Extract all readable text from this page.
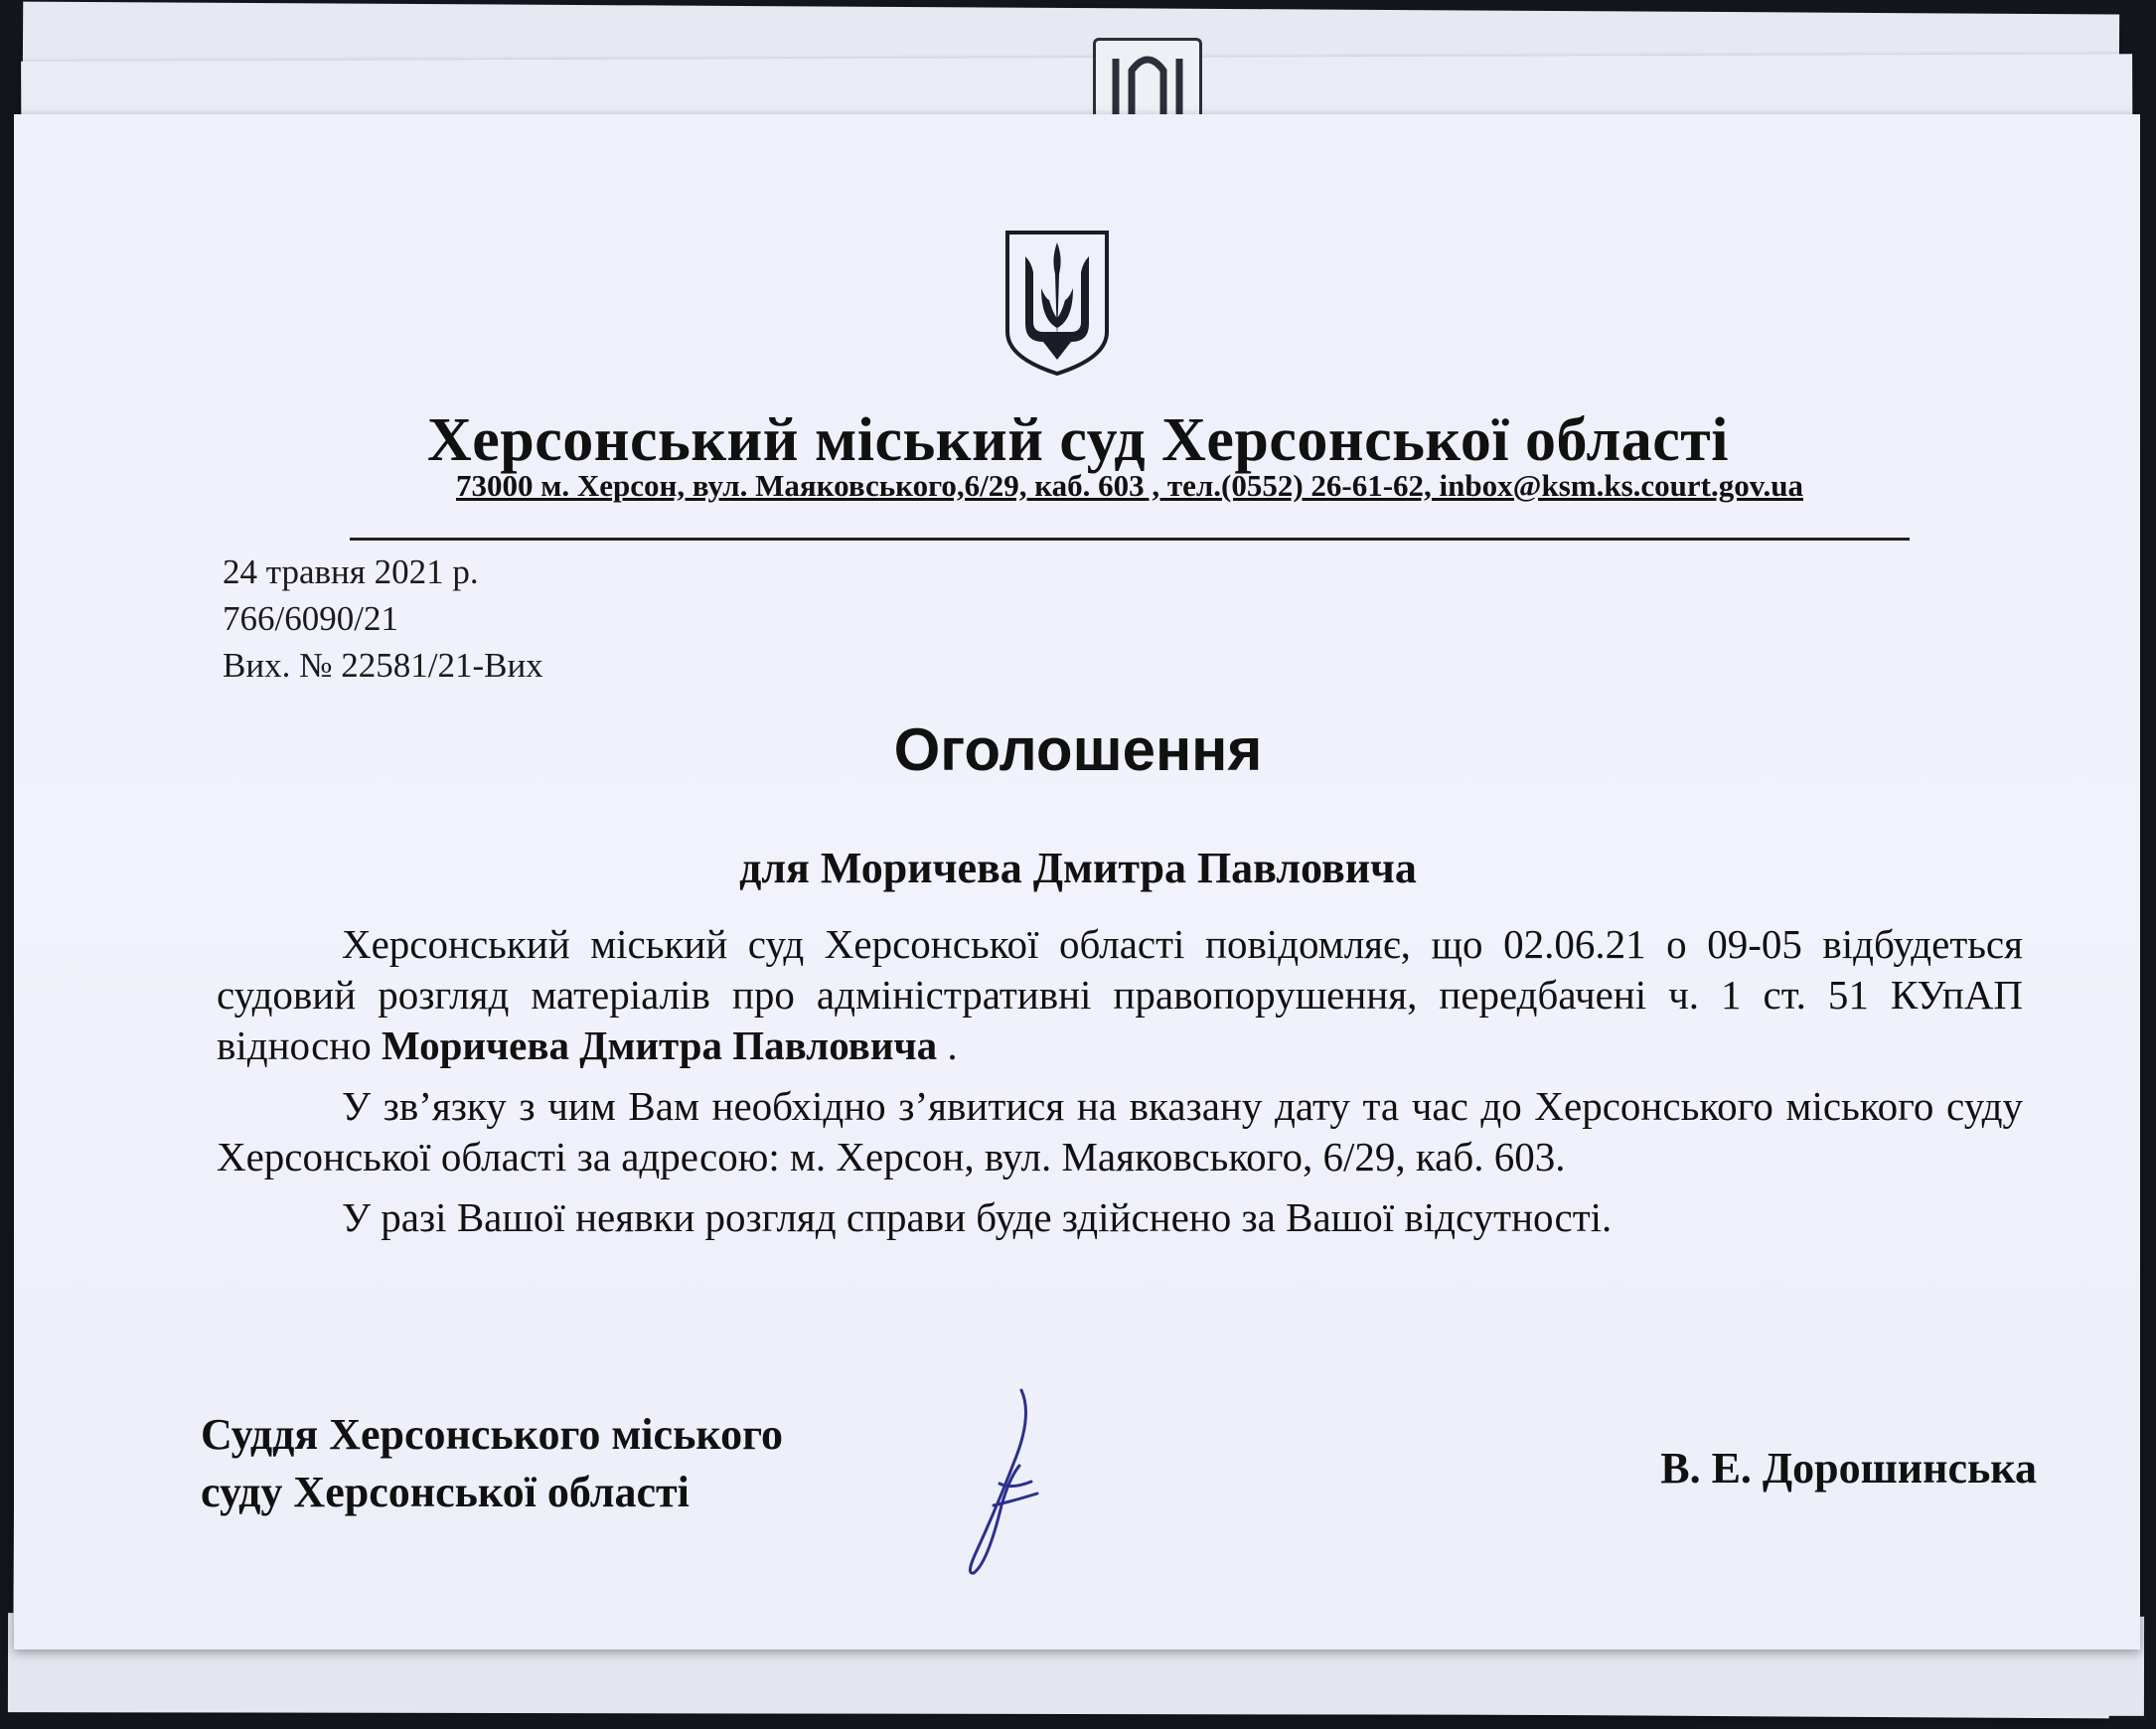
Херсонський міський суд Херсонської області
73000 м. Херсон, вул. Маяковського,6/29, каб. 603 , тел.(0552) 26-61-62, inbox@ksm.ks.court.gov.ua
24 травня 2021 р.
766/6090/21
Вих. № 22581/21-Вих
Оголошення
для Моричева Дмитра Павловича

Херсонський міський суд Херсонської області повідомляє, що 02.06.21 о 09-05 відбудеться судовий розгляд матеріалів про адміністративні правопорушення, передбачені ч. 1 ст. 51 КУпАП відносно Моричева Дмитра Павловича .

У зв’язку з чим Вам необхідно з’явитися на вказану дату та час до Херсонського міського суду Херсонської області за адресою: м. Херсон, вул. Маяковського, 6/29, каб. 603.

У разі Вашої неявки розгляд справи буде здійснено за Вашої відсутності.

Суддя Херсонського міського
суду Херсонської області	В. Е. Дорошинська
